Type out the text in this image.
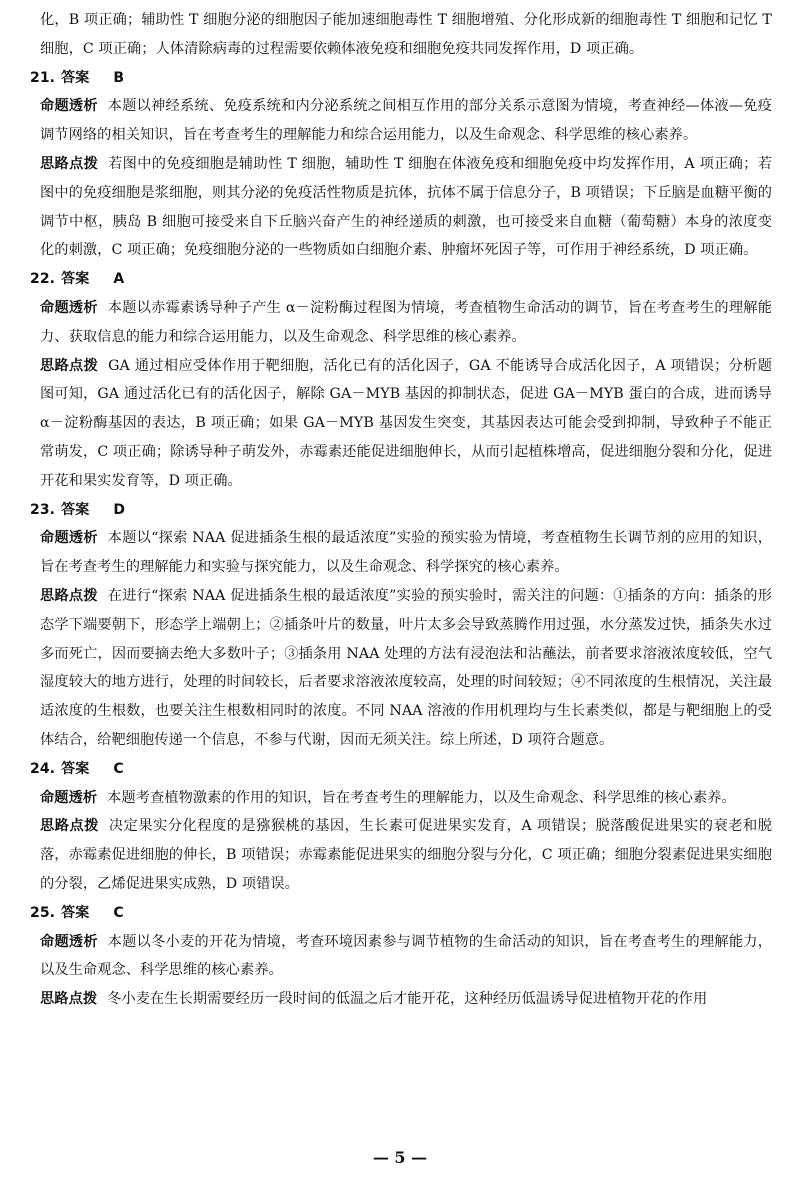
化，B 项正确；辅助性 T 细胞分泌的细胞因子能加速细胞毒性 T 细胞增殖、分化形成新的细胞毒性 T 细胞和记忆 T 细胞，C 项正确；人体清除病毒的过程需要依赖体液免疫和细胞免疫共同发挥作用，D 项正确。

21. 答案 B

命题透析 本题以神经系统、免疫系统和内分泌系统之间相互作用的部分关系示意图为情境，考查神经—体液—免疫调节网络的相关知识，旨在考查考生的理解能力和综合运用能力，以及生命观念、科学思维的核心素养。

思路点拨 若图中的免疫细胞是辅助性 T 细胞，辅助性 T 细胞在体液免疫和细胞免疫中均发挥作用，A 项正确；若图中的免疫细胞是浆细胞，则其分泌的免疫活性物质是抗体，抗体不属于信息分子，B 项错误；下丘脑是血糖平衡的调节中枢，胰岛 B 细胞可接受来自下丘脑兴奋产生的神经递质的刺激，也可接受来自血糖（葡萄糖）本身的浓度变化的刺激，C 项正确；免疫细胞分泌的一些物质如白细胞介素、肿瘤坏死因子等，可作用于神经系统，D 项正确。

22. 答案 A

命题透析 本题以赤霉素诱导种子产生 α－淀粉酶过程图为情境，考查植物生命活动的调节，旨在考查考生的理解能力、获取信息的能力和综合运用能力，以及生命观念、科学思维的核心素养。

思路点拨 GA 通过相应受体作用于靶细胞，活化已有的活化因子，GA 不能诱导合成活化因子，A 项错误；分析题图可知，GA 通过活化已有的活化因子，解除 GA－MYB 基因的抑制状态，促进 GA－MYB 蛋白的合成，进而诱导 α－淀粉酶基因的表达，B 项正确；如果 GA－MYB 基因发生突变，其基因表达可能会受到抑制，导致种子不能正常萌发，C 项正确；除诱导种子萌发外，赤霉素还能促进细胞伸长，从而引起植株增高，促进细胞分裂和分化，促进开花和果实发育等，D 项正确。

23. 答案 D

命题透析 本题以“探索 NAA 促进插条生根的最适浓度”实验的预实验为情境，考查植物生长调节剂的应用的知识，旨在考查考生的理解能力和实验与探究能力，以及生命观念、科学探究的核心素养。

思路点拨 在进行“探索 NAA 促进插条生根的最适浓度”实验的预实验时，需关注的问题：①插条的方向：插条的形态学下端要朝下，形态学上端朝上；②插条叶片的数量，叶片太多会导致蒸腾作用过强，水分蒸发过快，插条失水过多而死亡，因而要摘去绝大多数叶子；③插条用 NAA 处理的方法有浸泡法和沾蘸法，前者要求溶液浓度较低，空气湿度较大的地方进行，处理的时间较长，后者要求溶液浓度较高，处理的时间较短；④不同浓度的生根情况，关注最适浓度的生根数，也要关注生根数相同时的浓度。不同 NAA 溶液的作用机理均与生长素类似，都是与靶细胞上的受体结合，给靶细胞传递一个信息，不参与代谢，因而无须关注。综上所述，D 项符合题意。

24. 答案 C

命题透析 本题考查植物激素的作用的知识，旨在考查考生的理解能力，以及生命观念、科学思维的核心素养。

思路点拨 决定果实分化程度的是猕猴桃的基因，生长素可促进果实发育，A 项错误；脱落酸促进果实的衰老和脱落，赤霉素促进细胞的伸长，B 项错误；赤霉素能促进果实的细胞分裂与分化，C 项正确；细胞分裂素促进果实细胞的分裂，乙烯促进果实成熟，D 项错误。

25. 答案 C

命题透析 本题以冬小麦的开花为情境，考查环境因素参与调节植物的生命活动的知识，旨在考查考生的理解能力，以及生命观念、科学思维的核心素养。

思路点拨 冬小麦在生长期需要经历一段时间的低温之后才能开花，这种经历低温诱导促进植物开花的作用

— 5 —
